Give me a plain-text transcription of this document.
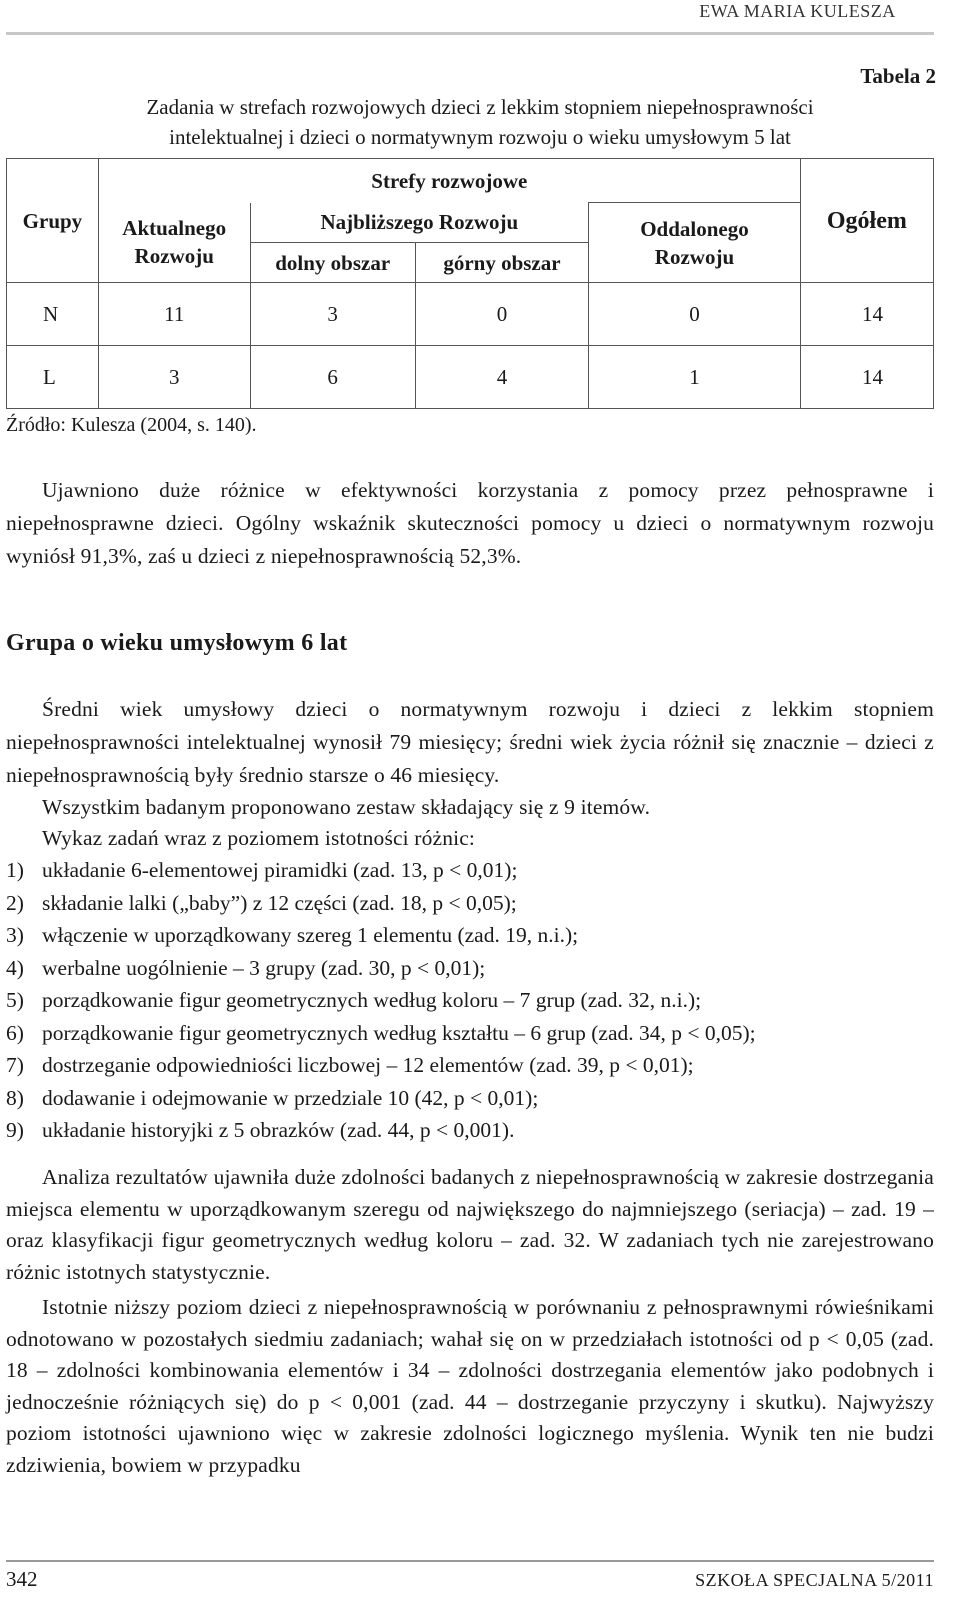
EWA MARIA KULESZA
Tabela 2
Zadania w strefach rozwojowych dzieci z lekkim stopniem niepełnosprawności
intelektualnej i dzieci o normatywnym rozwoju o wieku umysłowym 5 lat
Grupy	Strefy rozwojowe				Ogółem

	Aktualnego Rozwoju	Najbliższego Rozwoju		Oddalonego Rozwoju	

		dolny obszar	górny obszar		
N	11	3	0	0	14
L	3	6	4	1	14
Źródło: Kulesza (2004, s. 140).
Ujawniono duże różnice w efektywności korzystania z pomocy przez pełnosprawne i niepełnosprawne dzieci. Ogólny wskaźnik skuteczności pomocy u dzieci o normatywnym rozwoju wyniósł 91,3%, zaś u dzieci z niepełnosprawnością 52,3%.
Grupa o wieku umysłowym 6 lat
Średni wiek umysłowy dzieci o normatywnym rozwoju i dzieci z lekkim stopniem niepełnosprawności intelektualnej wynosił 79 miesięcy; średni wiek życia różnił się znacznie – dzieci z niepełnosprawnością były średnio starsze o 46 miesięcy.
Wszystkim badanym proponowano zestaw składający się z 9 itemów.
Wykaz zadań wraz z poziomem istotności różnic:
1) układanie 6-elementowej piramidki (zad. 13, p < 0,01);
2) składanie lalki („baby”) z 12 części (zad. 18, p < 0,05);
3) włączenie w uporządkowany szereg 1 elementu (zad. 19, n.i.);
4) werbalne uogólnienie – 3 grupy (zad. 30, p < 0,01);
5) porządkowanie figur geometrycznych według koloru – 7 grup (zad. 32, n.i.);
6) porządkowanie figur geometrycznych według kształtu – 6 grup (zad. 34, p < 0,05);
7) dostrzeganie odpowiedniości liczbowej – 12 elementów (zad. 39, p < 0,01);
8) dodawanie i odejmowanie w przedziale 10 (42, p < 0,01);
9) układanie historyjki z 5 obrazków (zad. 44, p < 0,001).
Analiza rezultatów ujawniła duże zdolności badanych z niepełnosprawnością w zakresie dostrzegania miejsca elementu w uporządkowanym szeregu od największego do najmniejszego (seriacja) – zad. 19 – oraz klasyfikacji figur geometrycznych według koloru – zad. 32. W zadaniach tych nie zarejestrowano różnic istotnych statystycznie.
Istotnie niższy poziom dzieci z niepełnosprawnością w porównaniu z pełnosprawnymi rówieśnikami odnotowano w pozostałych siedmiu zadaniach; wahał się on w przedziałach istotności od p < 0,05 (zad. 18 – zdolności kombinowania elementów i 34 – zdolności dostrzegania elementów jako podobnych i jednocześnie różniących się) do p < 0,001 (zad. 44 – dostrzeganie przyczyny i skutku). Najwyższy poziom istotności ujawniono więc w zakresie zdolności logicznego myślenia. Wynik ten nie budzi zdziwienia, bowiem w przypadku
342	SZKOŁA SPECJALNA 5/2011
